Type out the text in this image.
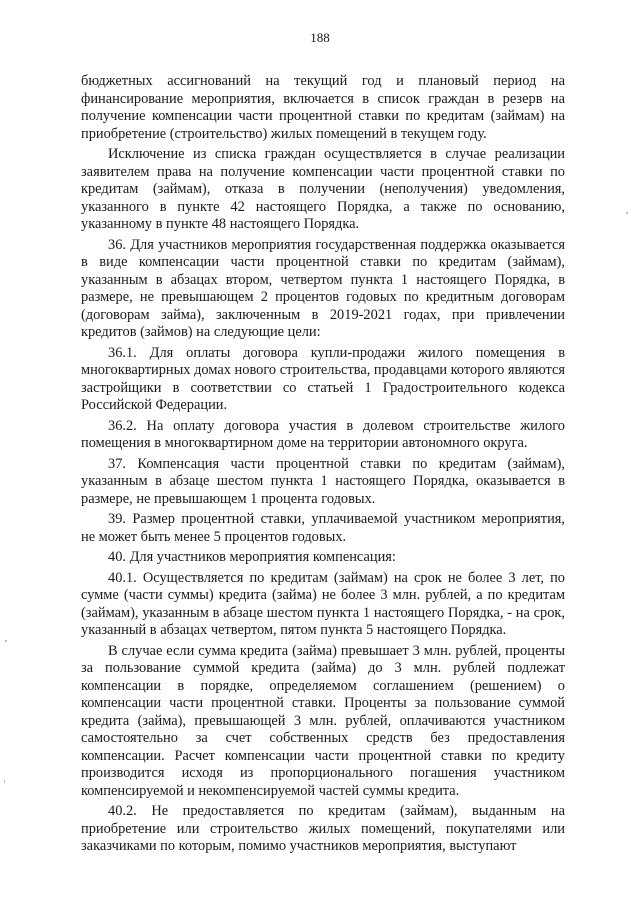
188

бюджетных ассигнований на текущий год и плановый период на финансирование мероприятия, включается в список граждан в резерв на получение компенсации части процентной ставки по кредитам (займам) на приобретение (строительство) жилых помещений в текущем году.

Исключение из списка граждан осуществляется в случае реализации заявителем права на получение компенсации части процентной ставки по кредитам (займам), отказа в получении (неполучения) уведомления, указанного в пункте 42 настоящего Порядка, а также по основанию, указанному в пункте 48 настоящего Порядка.

36. Для участников мероприятия государственная поддержка оказывается в виде компенсации части процентной ставки по кредитам (займам), указанным в абзацах втором, четвертом пункта 1 настоящего Порядка, в размере, не превышающем 2 процентов годовых по кредитным договорам (договорам займа), заключенным в 2019-2021 годах, при привлечении кредитов (займов) на следующие цели:

36.1. Для оплаты договора купли-продажи жилого помещения в многоквартирных домах нового строительства, продавцами которого являются застройщики в соответствии со статьей 1 Градостроительного кодекса Российской Федерации.

36.2. На оплату договора участия в долевом строительстве жилого помещения в многоквартирном доме на территории автономного округа.

37. Компенсация части процентной ставки по кредитам (займам), указанным в абзаце шестом пункта 1 настоящего Порядка, оказывается в размере, не превышающем 1 процента годовых.

39. Размер процентной ставки, уплачиваемой участником мероприятия, не может быть менее 5 процентов годовых.

40. Для участников мероприятия компенсация:

40.1. Осуществляется по кредитам (займам) на срок не более 3 лет, по сумме (части суммы) кредита (займа) не более 3 млн. рублей, а по кредитам (займам), указанным в абзаце шестом пункта 1 настоящего Порядка, - на срок, указанный в абзацах четвертом, пятом пункта 5 настоящего Порядка.

В случае если сумма кредита (займа) превышает 3 млн. рублей, проценты за пользование суммой кредита (займа) до 3 млн. рублей подлежат компенсации в порядке, определяемом соглашением (решением) о компенсации части процентной ставки. Проценты за пользование суммой кредита (займа), превышающей 3 млн. рублей, оплачиваются участником самостоятельно за счет собственных средств без предоставления компенсации. Расчет компенсации части процентной ставки по кредиту производится исходя из пропорционального погашения участником компенсируемой и некомпенсируемой частей суммы кредита.

40.2. Не предоставляется по кредитам (займам), выданным на приобретение или строительство жилых помещений, покупателями или заказчиками по которым, помимо участников мероприятия, выступают
